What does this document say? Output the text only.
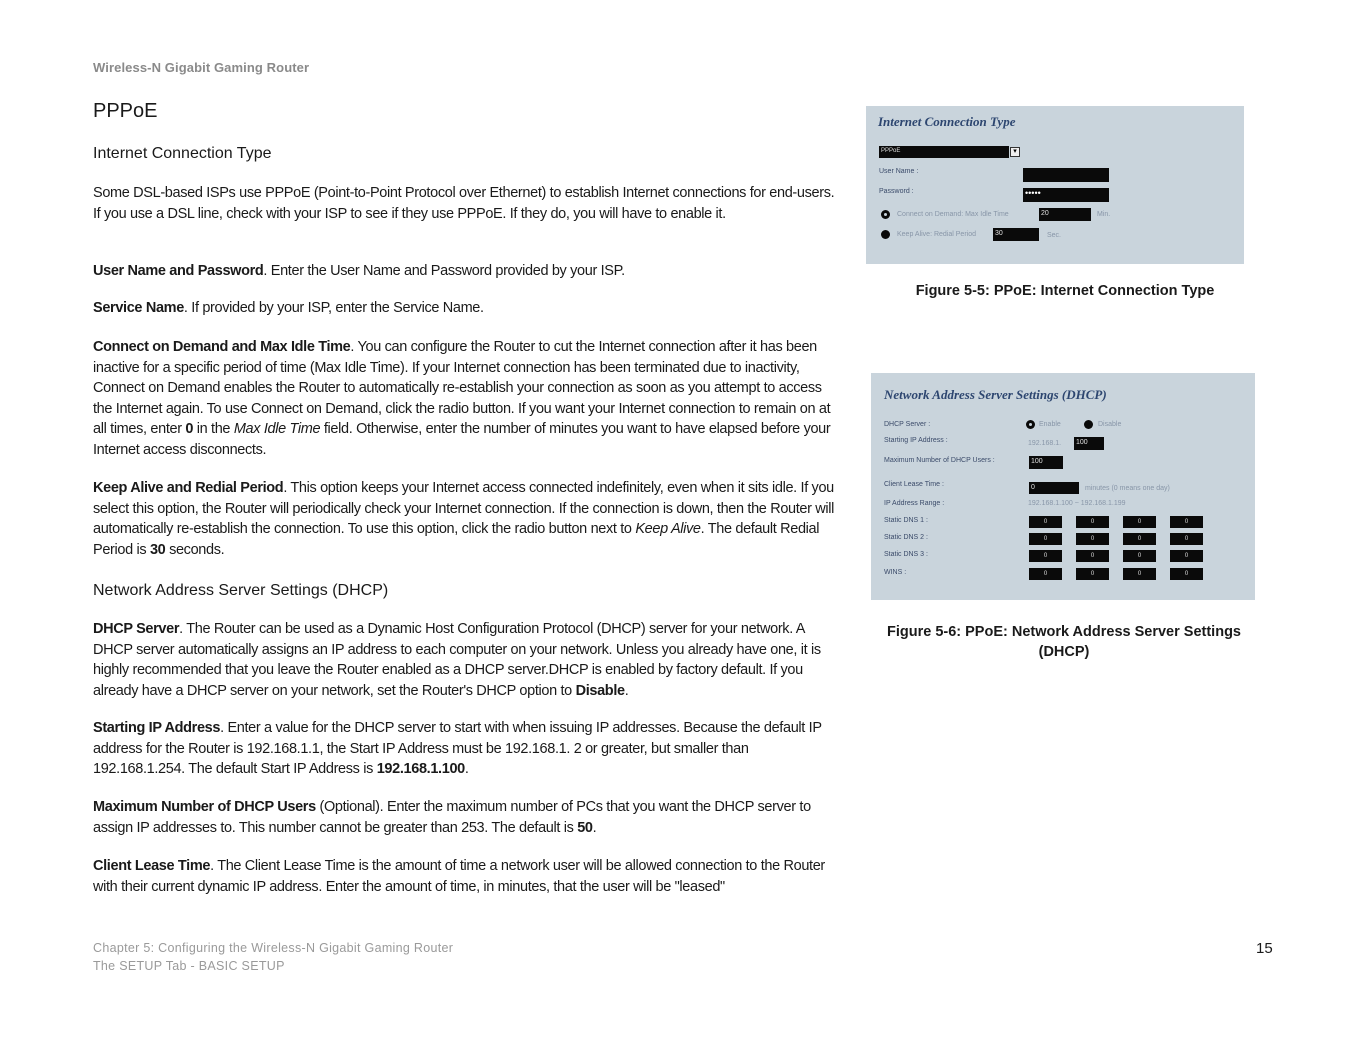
Wireless-N Gigabit Gaming Router
PPPoE
Internet Connection Type
Some DSL-based ISPs use PPPoE (Point-to-Point Protocol over Ethernet) to establish Internet connections for end-users. If you use a DSL line, check with your ISP to see if they use PPPoE. If they do, you will have to enable it.
User Name and Password. Enter the User Name and Password provided by your ISP.
Service Name. If provided by your ISP, enter the Service Name.
Connect on Demand and Max Idle Time. You can configure the Router to cut the Internet connection after it has been inactive for a specific period of time (Max Idle Time). If your Internet connection has been terminated due to inactivity, Connect on Demand enables the Router to automatically re-establish your connection as soon as you attempt to access the Internet again. To use Connect on Demand, click the radio button. If you want your Internet connection to remain on at all times, enter 0 in the Max Idle Time field. Otherwise, enter the number of minutes you want to have elapsed before your Internet access disconnects.
Keep Alive and Redial Period. This option keeps your Internet access connected indefinitely, even when it sits idle. If you select this option, the Router will periodically check your Internet connection. If the connection is down, then the Router will automatically re-establish the connection. To use this option, click the radio button next to Keep Alive. The default Redial Period is 30 seconds.
Network Address Server Settings (DHCP)
DHCP Server. The Router can be used as a Dynamic Host Configuration Protocol (DHCP) server for your network. A DHCP server automatically assigns an IP address to each computer on your network. Unless you already have one, it is highly recommended that you leave the Router enabled as a DHCP server.DHCP is enabled by factory default. If you already have a DHCP server on your network, set the Router's DHCP option to Disable.
Starting IP Address. Enter a value for the DHCP server to start with when issuing IP addresses. Because the default IP address for the Router is 192.168.1.1, the Start IP Address must be 192.168.1. 2 or greater, but smaller than 192.168.1.254. The default Start IP Address is 192.168.1.100.
Maximum Number of DHCP Users (Optional). Enter the maximum number of PCs that you want the DHCP server to assign IP addresses to. This number cannot be greater than 253. The default is 50.
Client Lease Time. The Client Lease Time is the amount of time a network user will be allowed connection to the Router with their current dynamic IP address. Enter the amount of time, in minutes, that the user will be "leased"
Internet Connection Type
PPPoE	▾
User Name :
Password :	•••••
Connect on Demand: Max Idle Time	20	Min.
Keep Alive: Redial Period	30	Sec.
Figure 5-5: PPoE: Internet Connection Type
Network Address Server Settings (DHCP)
DHCP Server :	Enable	Disable
Starting IP Address :	192.168.1. 100
Maximum Number of DHCP Users :	100
Client Lease Time :	0	minutes (0 means one day)
IP Address Range :	192.168.1.100 ~ 192.168.1.199
Static DNS 1 :	0	0	0	0
Static DNS 2 :	0	0	0	0
Static DNS 3 :	0	0	0	0
WINS :	0	0	0	0
Figure 5-6: PPoE: Network Address Server Settings
(DHCP)
Chapter 5: Configuring the Wireless-N Gigabit Gaming Router
The SETUP Tab - BASIC SETUP
15
